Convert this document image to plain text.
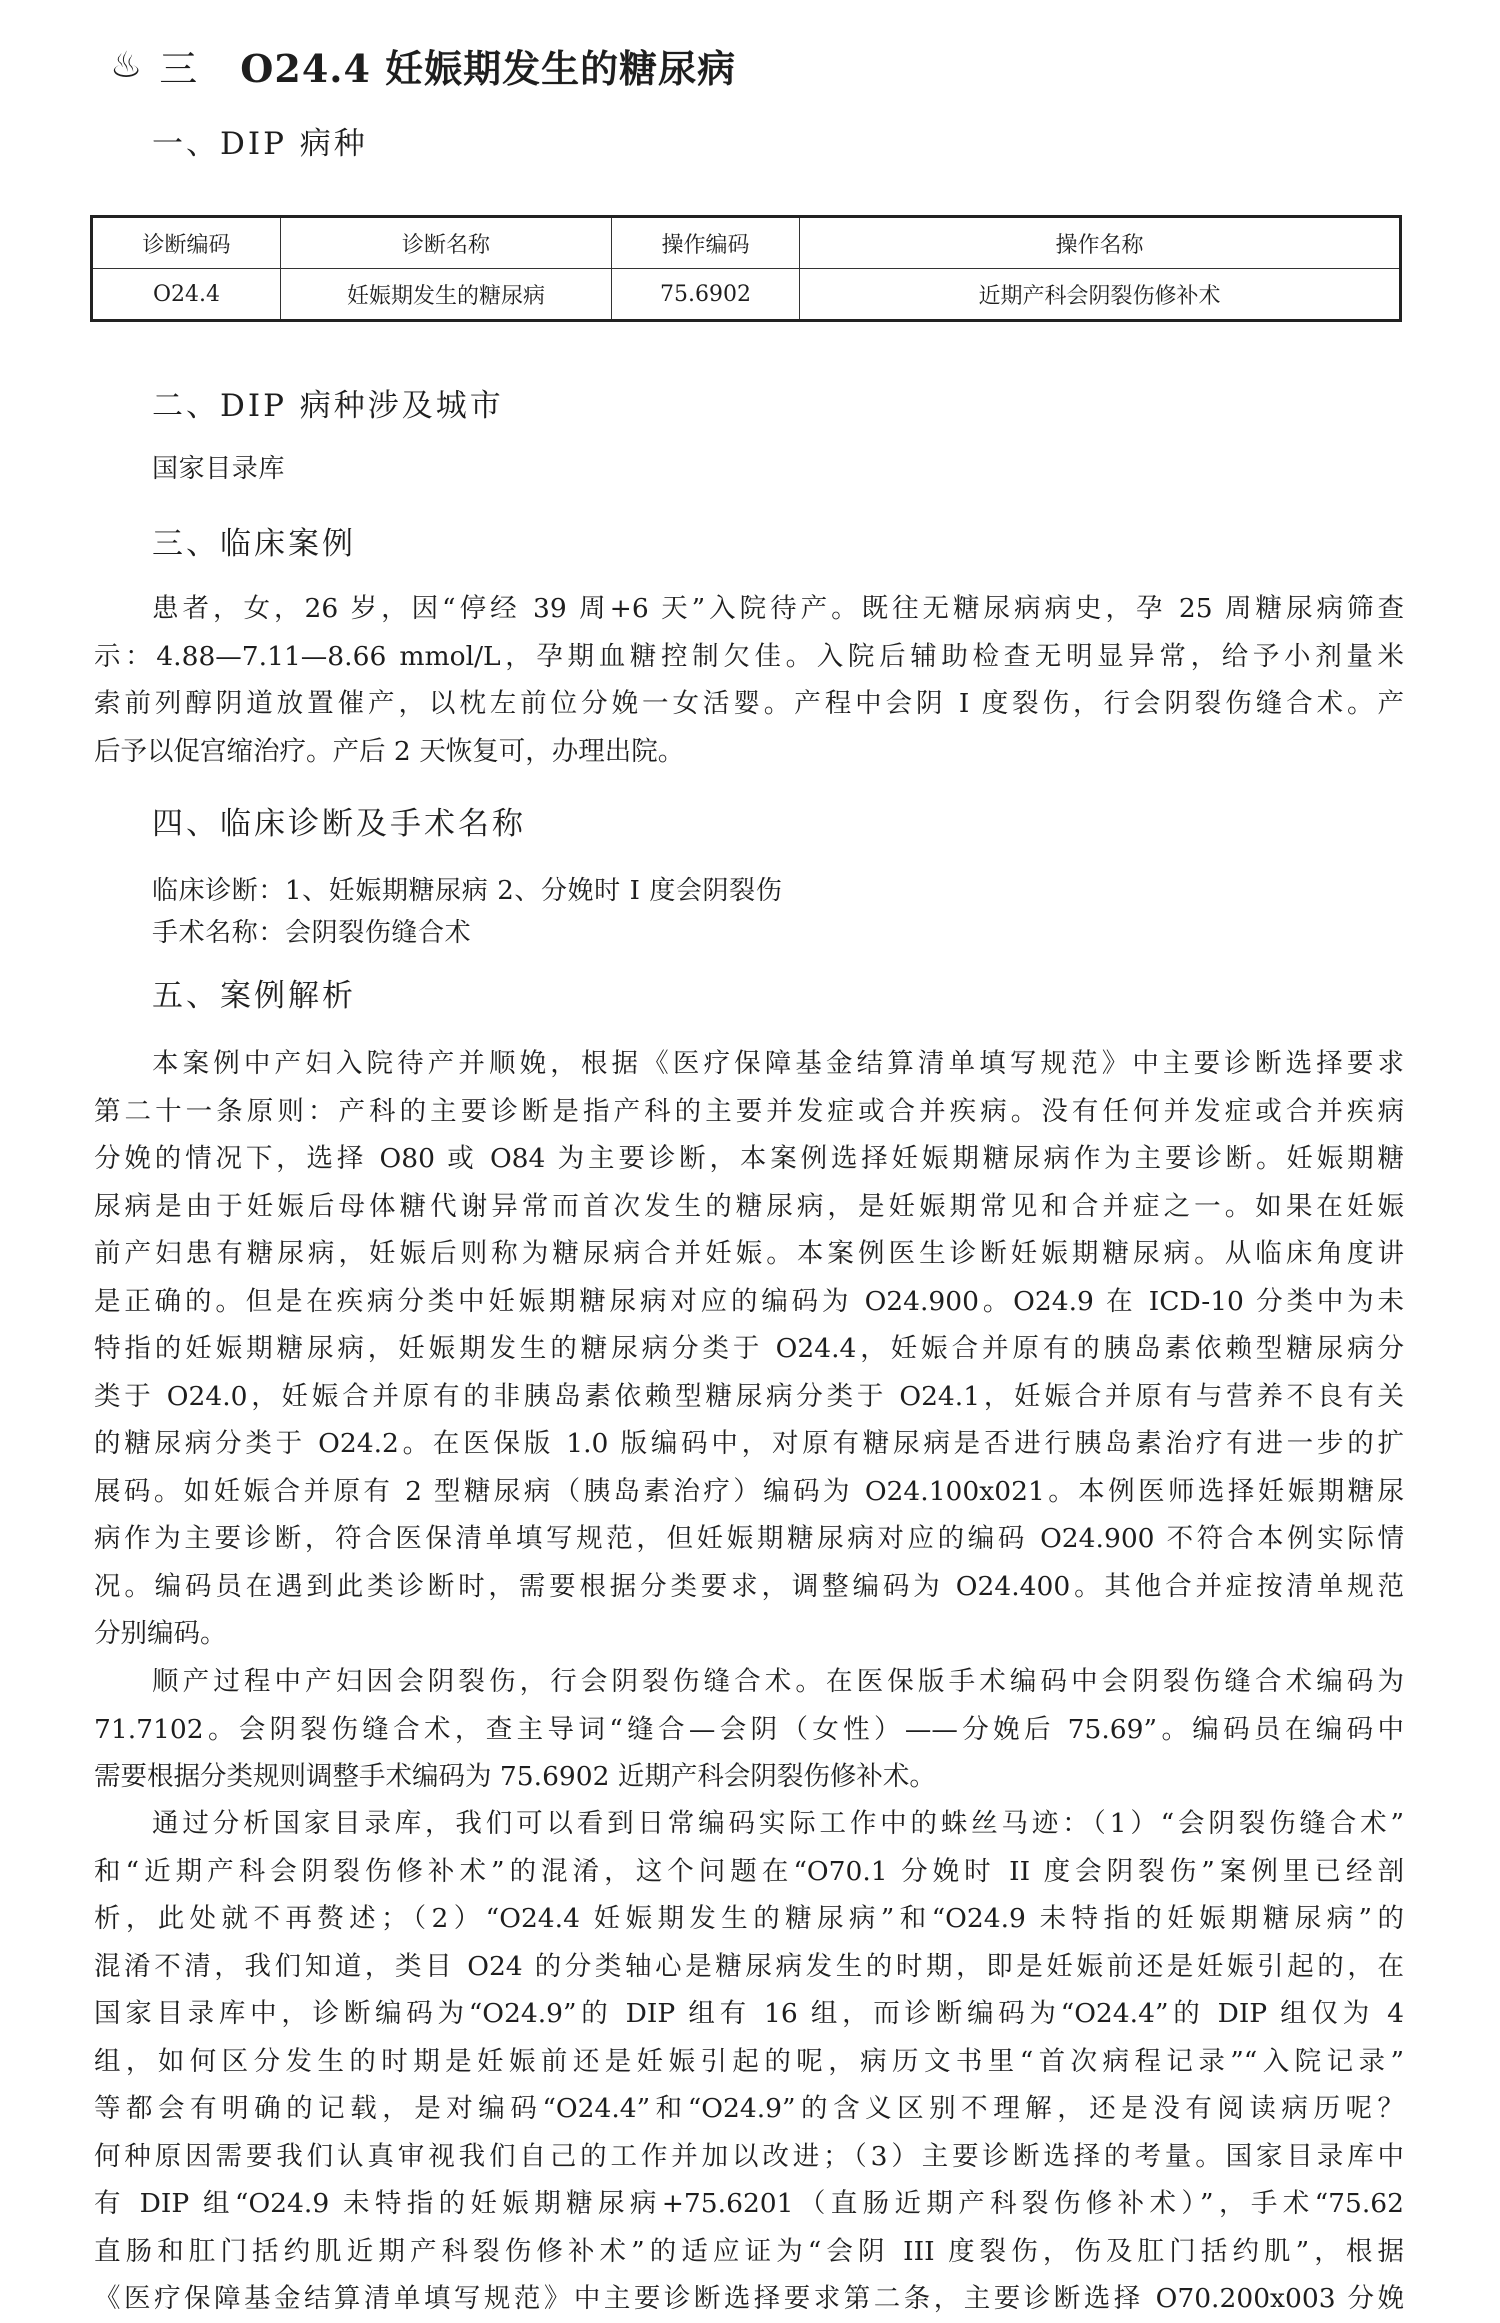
♨ 三 O24.4 妊娠期发生的糖尿病
一、DIP 病种
诊断编码	诊断名称	操作编码	操作名称
O24.4	妊娠期发生的糖尿病	75.6902	近期产科会阴裂伤修补术
二、DIP 病种涉及城市
国家目录库
三、临床案例
患者，女，26 岁，因“停经 39 周+6 天”入院待产。既往无糖尿病病史，孕 25 周糖尿病筛查
示：4.88—7.11—8.66 mmol/L，孕期血糖控制欠佳。入院后辅助检查无明显异常，给予小剂量米
索前列醇阴道放置催产，以枕左前位分娩一女活婴。产程中会阴 I 度裂伤，行会阴裂伤缝合术。产
后予以促宫缩治疗。产后 2 天恢复可，办理出院。
四、临床诊断及手术名称
临床诊断：1、妊娠期糖尿病 2、分娩时 I 度会阴裂伤
手术名称：会阴裂伤缝合术
五、案例解析
本案例中产妇入院待产并顺娩，根据《医疗保障基金结算清单填写规范》中主要诊断选择要求
第二十一条原则：产科的主要诊断是指产科的主要并发症或合并疾病。没有任何并发症或合并疾病
分娩的情况下，选择 O80 或 O84 为主要诊断，本案例选择妊娠期糖尿病作为主要诊断。妊娠期糖
尿病是由于妊娠后母体糖代谢异常而首次发生的糖尿病，是妊娠期常见和合并症之一。如果在妊娠
前产妇患有糖尿病，妊娠后则称为糖尿病合并妊娠。本案例医生诊断妊娠期糖尿病。从临床角度讲
是正确的。但是在疾病分类中妊娠期糖尿病对应的编码为 O24.900。O24.9 在 ICD-10 分类中为未
特指的妊娠期糖尿病，妊娠期发生的糖尿病分类于 O24.4，妊娠合并原有的胰岛素依赖型糖尿病分
类于 O24.0，妊娠合并原有的非胰岛素依赖型糖尿病分类于 O24.1，妊娠合并原有与营养不良有关
的糖尿病分类于 O24.2。在医保版 1.0 版编码中，对原有糖尿病是否进行胰岛素治疗有进一步的扩
展码。如妊娠合并原有 2 型糖尿病（胰岛素治疗）编码为 O24.100x021。本例医师选择妊娠期糖尿
病作为主要诊断，符合医保清单填写规范，但妊娠期糖尿病对应的编码 O24.900 不符合本例实际情
况。编码员在遇到此类诊断时，需要根据分类要求，调整编码为 O24.400。其他合并症按清单规范
分别编码。
顺产过程中产妇因会阴裂伤，行会阴裂伤缝合术。在医保版手术编码中会阴裂伤缝合术编码为
71.7102。会阴裂伤缝合术，查主导词“缝合—会阴（女性）——分娩后 75.69”。编码员在编码中
需要根据分类规则调整手术编码为 75.6902 近期产科会阴裂伤修补术。
通过分析国家目录库，我们可以看到日常编码实际工作中的蛛丝马迹：（1）“会阴裂伤缝合术”
和“近期产科会阴裂伤修补术”的混淆，这个问题在“O70.1 分娩时 II 度会阴裂伤”案例里已经剖
析，此处就不再赘述；（2）“O24.4 妊娠期发生的糖尿病”和“O24.9 未特指的妊娠期糖尿病”的
混淆不清，我们知道，类目 O24 的分类轴心是糖尿病发生的时期，即是妊娠前还是妊娠引起的，在
国家目录库中，诊断编码为“O24.9”的 DIP 组有 16 组，而诊断编码为“O24.4”的 DIP 组仅为 4
组，如何区分发生的时期是妊娠前还是妊娠引起的呢，病历文书里“首次病程记录”“入院记录”
等都会有明确的记载，是对编码“O24.4”和“O24.9”的含义区别不理解，还是没有阅读病历呢？
何种原因需要我们认真审视我们自己的工作并加以改进；（3）主要诊断选择的考量。国家目录库中
有 DIP 组“O24.9 未特指的妊娠期糖尿病+75.6201（直肠近期产科裂伤修补术）”，手术“75.62
直肠和肛门括约肌近期产科裂伤修补术”的适应证为“会阴 III 度裂伤，伤及肛门括约肌”，根据
《医疗保障基金结算清单填写规范》中主要诊断选择要求第二条，主要诊断选择 O70.200x003 分娩
